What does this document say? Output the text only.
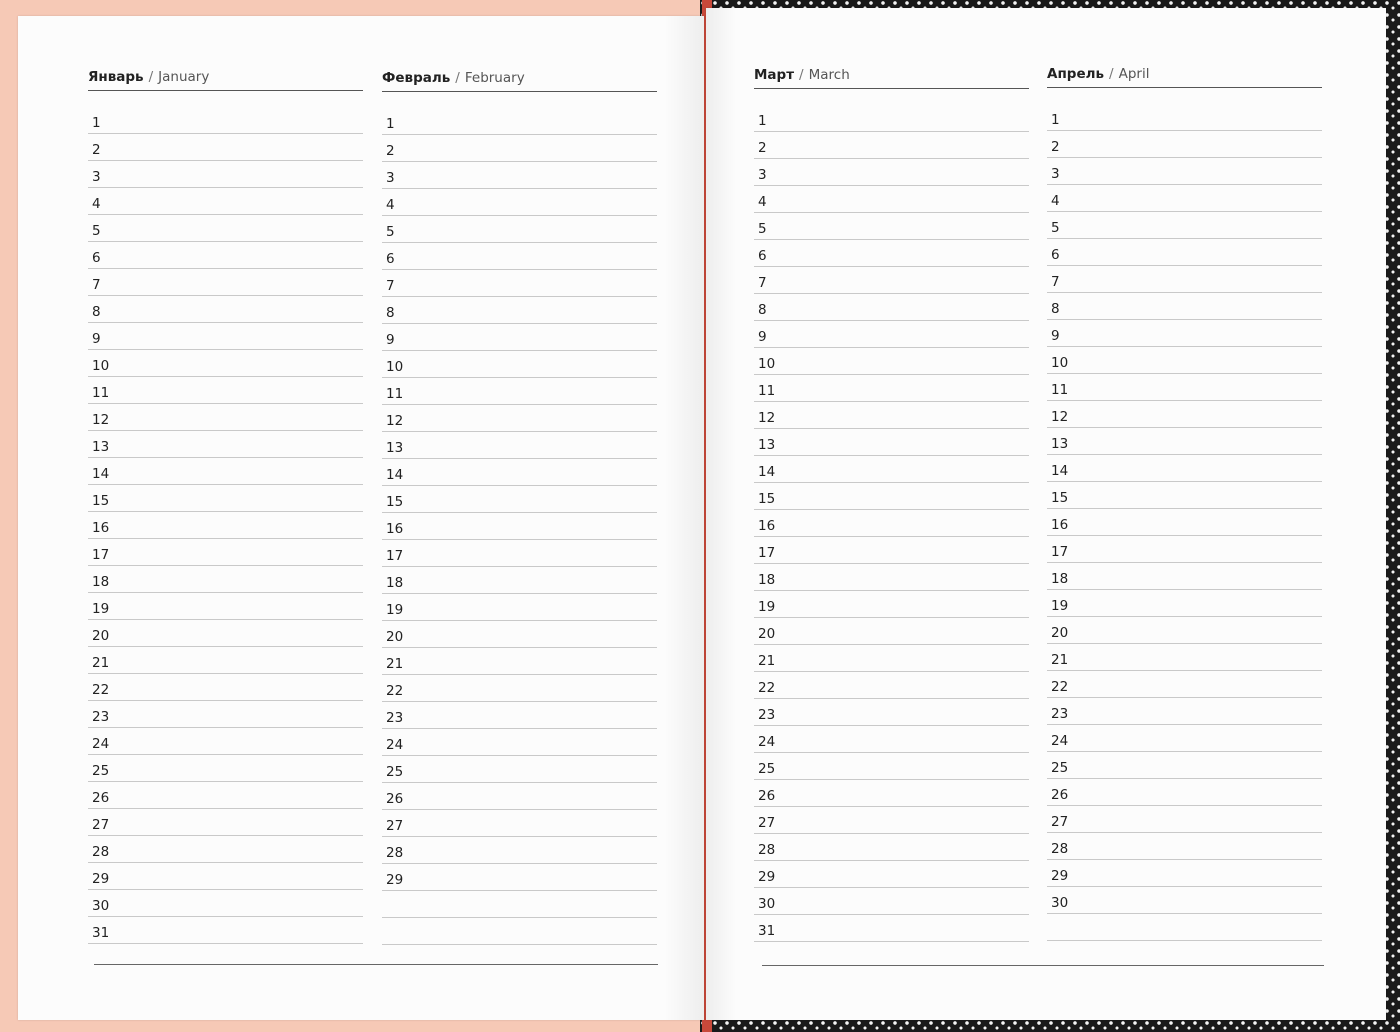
Январь / January
1
2
3
4
5
6
7
8
9
10
11
12
13
14
15
16
17
18
19
20
21
22
23
24
25
26
27
28
29
30
31
Февраль / February
1
2
3
4
5
6
7
8
9
10
11
12
13
14
15
16
17
18
19
20
21
22
23
24
25
26
27
28
29
Март / March
1
2
3
4
5
6
7
8
9
10
11
12
13
14
15
16
17
18
19
20
21
22
23
24
25
26
27
28
29
30
31
Апрель / April
1
2
3
4
5
6
7
8
9
10
11
12
13
14
15
16
17
18
19
20
21
22
23
24
25
26
27
28
29
30
